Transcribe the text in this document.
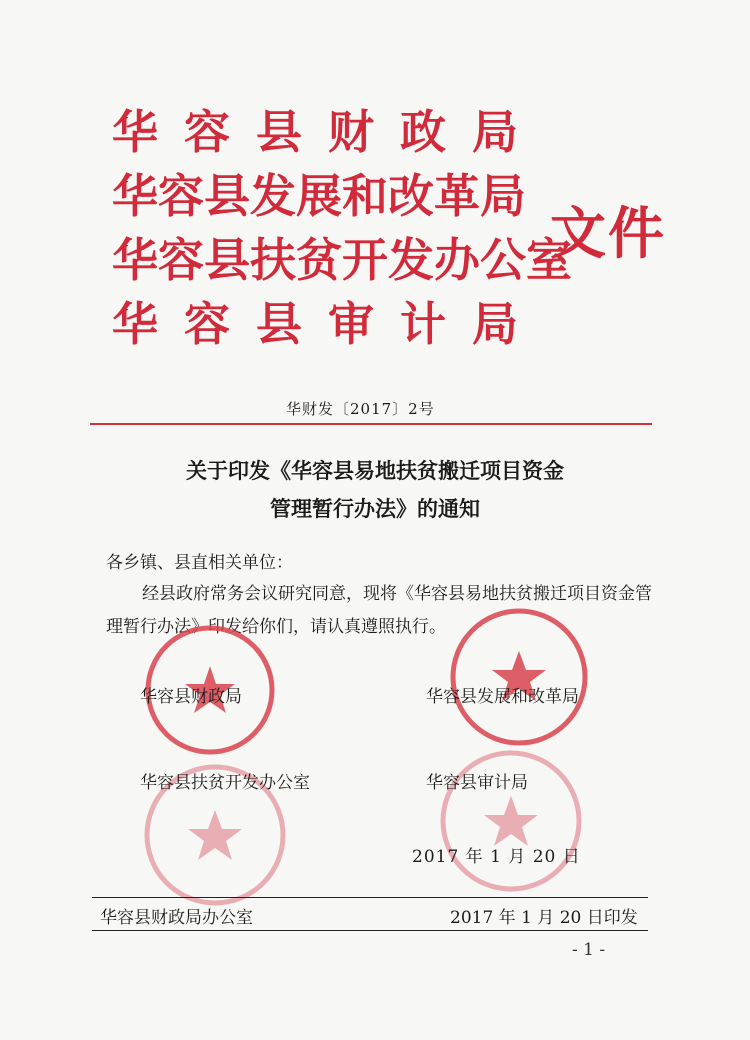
华容县财政局
华容县发展和改革局
华容县扶贫开发办公室
华容县审计局
文件
华财发〔2017〕2号
关于印发《华容县易地扶贫搬迁项目资金
管理暂行办法》的通知
各乡镇、县直相关单位：
经县政府常务会议研究同意，现将《华容县易地扶贫搬迁项目资金管理暂行办法》印发给你们，请认真遵照执行。
华容县财政局	华容县发展和改革局
华容县扶贫开发办公室	华容县审计局
2017 年 1 月 20 日
华容县财政局办公室	2017 年 1 月 20 日印发
- 1 -
